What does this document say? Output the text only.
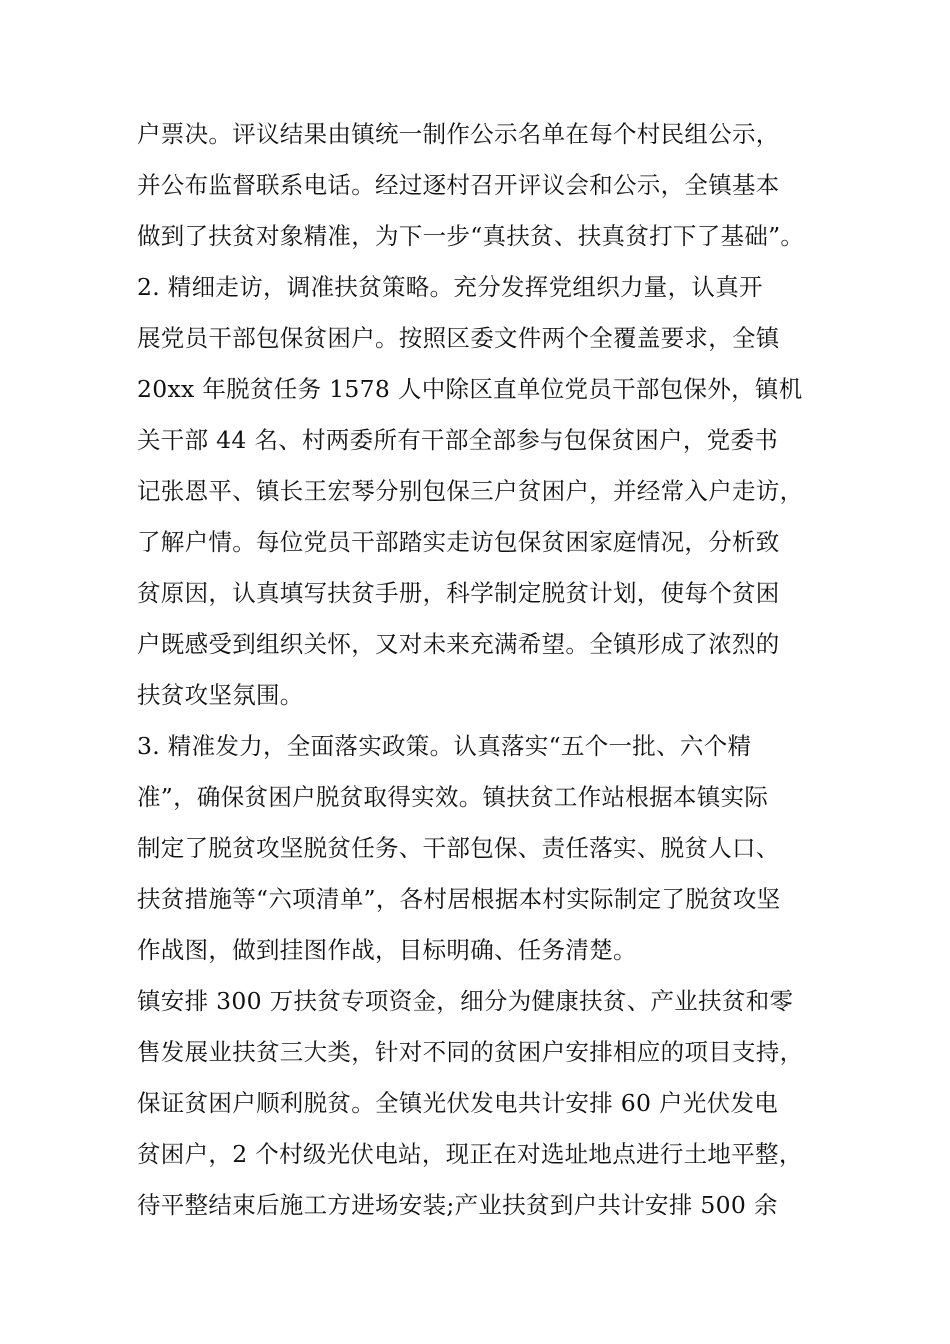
户票决。评议结果由镇统一制作公示名单在每个村民组公示，
并公布监督联系电话。经过逐村召开评议会和公示，全镇基本
做到了扶贫对象精准，为下一步“真扶贫、扶真贫打下了基础”。
2. 精细走访，调准扶贫策略。充分发挥党组织力量，认真开
展党员干部包保贫困户。按照区委文件两个全覆盖要求，全镇
20xx 年脱贫任务 1578 人中除区直单位党员干部包保外，镇机
关干部 44 名、村两委所有干部全部参与包保贫困户，党委书
记张恩平、镇长王宏琴分别包保三户贫困户，并经常入户走访，
了解户情。每位党员干部踏实走访包保贫困家庭情况，分析致
贫原因，认真填写扶贫手册，科学制定脱贫计划，使每个贫困
户既感受到组织关怀，又对未来充满希望。全镇形成了浓烈的
扶贫攻坚氛围。
3. 精准发力，全面落实政策。认真落实“五个一批、六个精
准”，确保贫困户脱贫取得实效。镇扶贫工作站根据本镇实际
制定了脱贫攻坚脱贫任务、干部包保、责任落实、脱贫人口、
扶贫措施等“六项清单”，各村居根据本村实际制定了脱贫攻坚
作战图，做到挂图作战，目标明确、任务清楚。
镇安排 300 万扶贫专项资金，细分为健康扶贫、产业扶贫和零
售发展业扶贫三大类，针对不同的贫困户安排相应的项目支持，
保证贫困户顺利脱贫。全镇光伏发电共计安排 60 户光伏发电
贫困户，2 个村级光伏电站，现正在对选址地点进行土地平整，
待平整结束后施工方进场安装;产业扶贫到户共计安排 500 余
